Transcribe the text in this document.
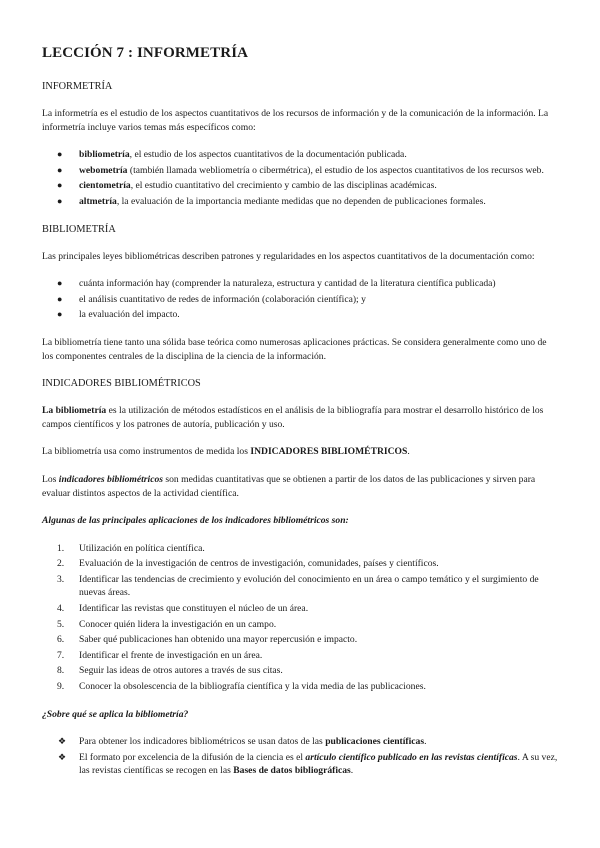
LECCIÓN 7 : INFORMETRÍA
INFORMETRÍA

La informetría es el estudio de los aspectos cuantitativos de los recursos de información y de la comunicación de la información. La informetría incluye varios temas más específicos como:

● bibliometría, el estudio de los aspectos cuantitativos de la documentación publicada.
● webometría (también llamada webliometría o cibermétrica), el estudio de los aspectos cuantitativos de los recursos web.
● cientometría, el estudio cuantitativo del crecimiento y cambio de las disciplinas académicas.
● altmetría, la evaluación de la importancia mediante medidas que no dependen de publicaciones formales.
BIBLIOMETRÍA

Las principales leyes bibliométricas describen patrones y regularidades en los aspectos cuantitativos de la documentación como:

● cuánta información hay (comprender la naturaleza, estructura y cantidad de la literatura científica publicada)
● el análisis cuantitativo de redes de información (colaboración científica); y
● la evaluación del impacto.

La bibliometría tiene tanto una sólida base teórica como numerosas aplicaciones prácticas. Se considera generalmente como uno de los componentes centrales de la disciplina de la ciencia de la información.

INDICADORES BIBLIOMÉTRICOS

La bibliometría es la utilización de métodos estadísticos en el análisis de la bibliografía para mostrar el desarrollo histórico de los campos científicos y los patrones de autoría, publicación y uso.

La bibliometría usa como instrumentos de medida los INDICADORES BIBLIOMÉTRICOS.

Los indicadores bibliométricos son medidas cuantitativas que se obtienen a partir de los datos de las publicaciones y sirven para evaluar distintos aspectos de la actividad científica.

Algunas de las principales aplicaciones de los indicadores bibliométricos son:
1.	Utilización en política científica.
2.	Evaluación de la investigación de centros de investigación, comunidades, países y científicos.
3.	Identificar las tendencias de crecimiento y evolución del conocimiento en un área o campo temático y el surgimiento de nuevas áreas.
4.	Identificar las revistas que constituyen el núcleo de un área.
5.	Conocer quién lidera la investigación en un campo.
6.	Saber qué publicaciones han obtenido una mayor repercusión e impacto.
7.	Identificar el frente de investigación en un área.
8.	Seguir las ideas de otros autores a través de sus citas.
9.	Conocer la obsolescencia de la bibliografía científica y la vida media de las publicaciones.
¿Sobre qué se aplica la bibliometría?
❖ Para obtener los indicadores bibliométricos se usan datos de las publicaciones científicas.
❖ El formato por excelencia de la difusión de la ciencia es el artículo científico publicado en las revistas científicas. A su vez, las revistas científicas se recogen en las Bases de datos bibliográficas.
